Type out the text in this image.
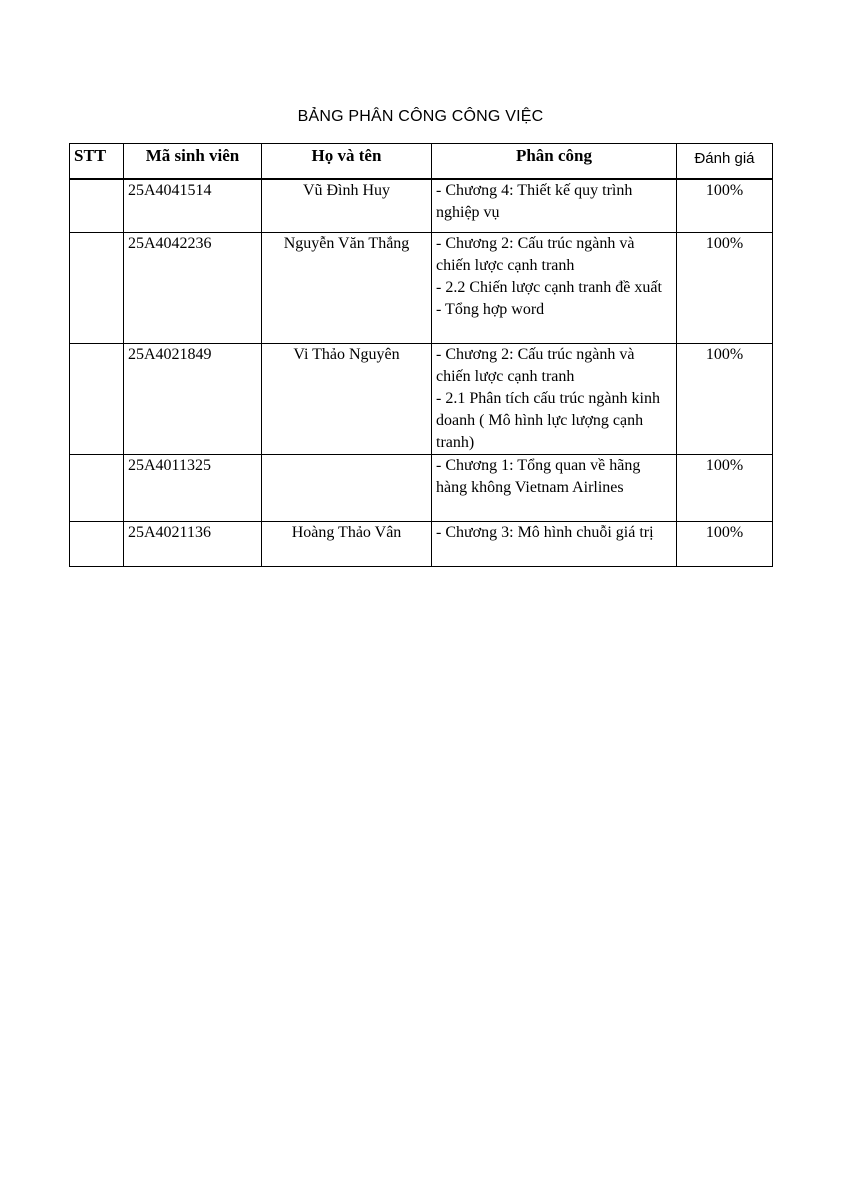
BẢNG PHÂN CÔNG CÔNG VIỆC
STT	Mã sinh viên	Họ và tên	Phân công	Đánh giá
	25A4041514	Vũ Đình Huy	- Chương 4: Thiết kế quy trình nghiệp vụ	100%
	25A4042236	Nguyễn Văn Thắng	- Chương 2: Cấu trúc ngành và chiến lược cạnh tranh
- 2.2 Chiến lược cạnh tranh đề xuất
- Tổng hợp word	100%
	25A4021849	Vi Thảo Nguyên	- Chương 2: Cấu trúc ngành và chiến lược cạnh tranh
- 2.1 Phân tích cấu trúc ngành kinh doanh ( Mô hình lực lượng cạnh tranh)	100%
	25A4011325		- Chương 1: Tổng quan về hãng hàng không Vietnam Airlines	100%
	25A4021136	Hoàng Thảo Vân	- Chương 3: Mô hình chuỗi giá trị	100%
